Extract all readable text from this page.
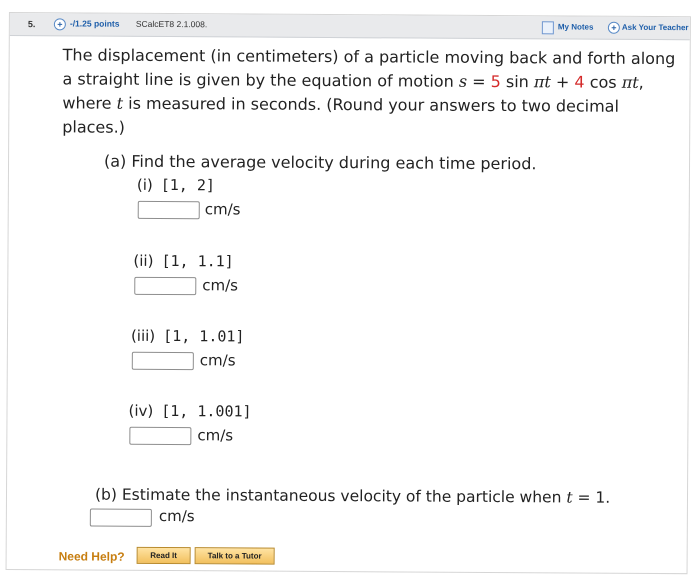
5.	+ -/1.25 points SCalcET8 2.1.008.	My Notes	+ Ask Your Teacher
The displacement (in centimeters) of a particle moving back and forth along
a straight line is given by the equation of motion s = 5 sin πt + 4 cos πt,
where t is measured in seconds. (Round your answers to two decimal
places.)
(a) Find the average velocity during each time period.
(i) [1, 2]
cm/s
(ii) [1, 1.1]
cm/s
(iii) [1, 1.01]
cm/s
(iv) [1, 1.001]
cm/s
(b) Estimate the instantaneous velocity of the particle when t = 1.
cm/s
Need Help?	Read It	Talk to a Tutor
